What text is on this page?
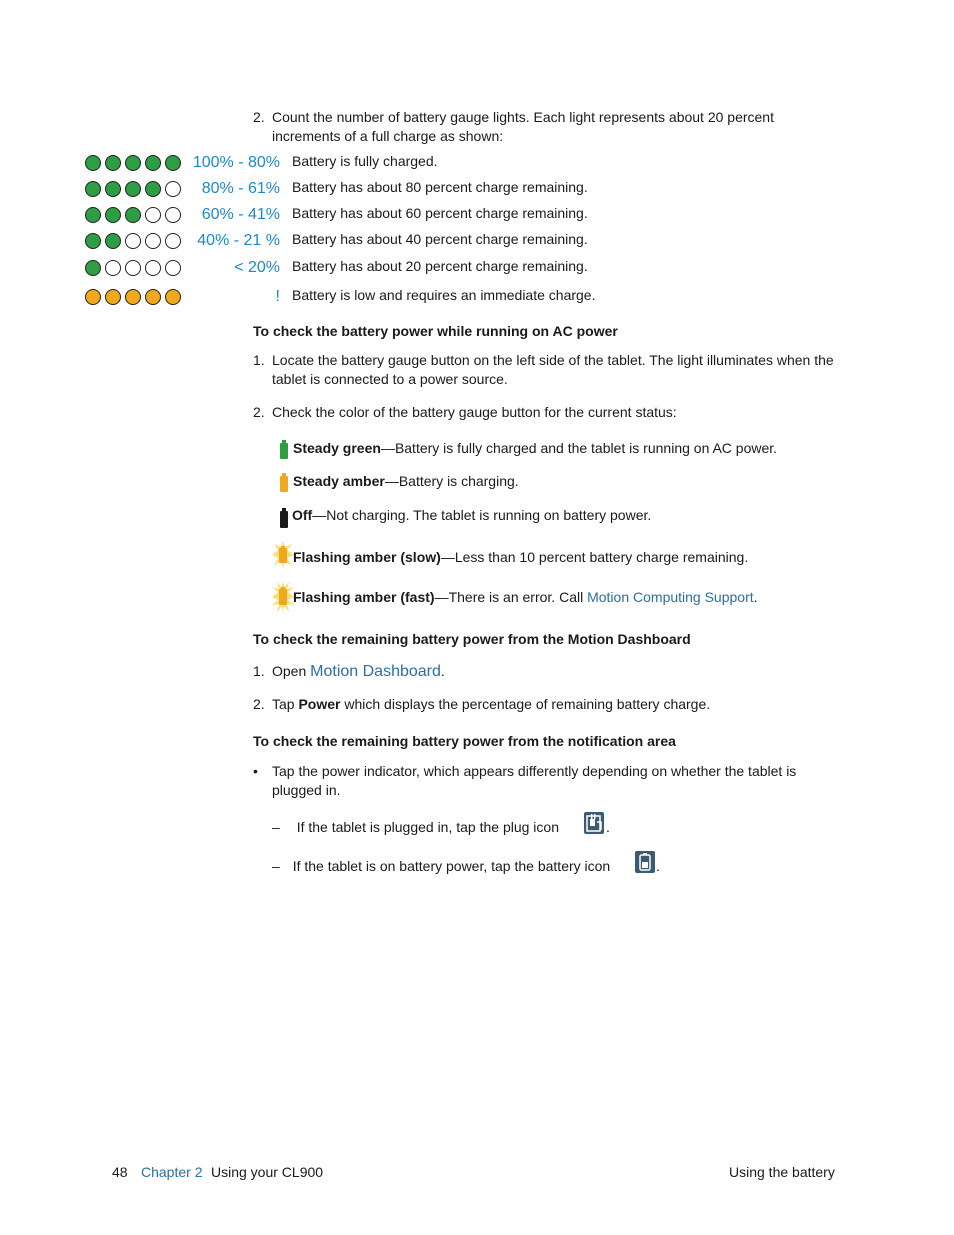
2. Count the number of battery gauge lights. Each light represents about 20 percent increments of a full charge as shown:
100% - 80% Battery is fully charged.
80% - 61% Battery has about 80 percent charge remaining.
60% - 41% Battery has about 60 percent charge remaining.
40% - 21 % Battery has about 40 percent charge remaining.
< 20% Battery has about 20 percent charge remaining.
! Battery is low and requires an immediate charge.
To check the battery power while running on AC power
1. Locate the battery gauge button on the left side of the tablet. The light illuminates when the tablet is connected to a power source.
2. Check the color of the battery gauge button for the current status:
Steady green—Battery is fully charged and the tablet is running on AC power.
Steady amber—Battery is charging.
Off—Not charging. The tablet is running on battery power.
Flashing amber (slow)—Less than 10 percent battery charge remaining.
Flashing amber (fast)—There is an error. Call Motion Computing Support.
To check the remaining battery power from the Motion Dashboard
1. Open Motion Dashboard.
2. Tap Power which displays the percentage of remaining battery charge.
To check the remaining battery power from the notification area
•	Tap the power indicator, which appears differently depending on whether the tablet is plugged in.
– If the tablet is plugged in, tap the plug icon	.
– If the tablet is on battery power, tap the battery icon	.
48 Chapter 2 Using your CL900	Using the battery
